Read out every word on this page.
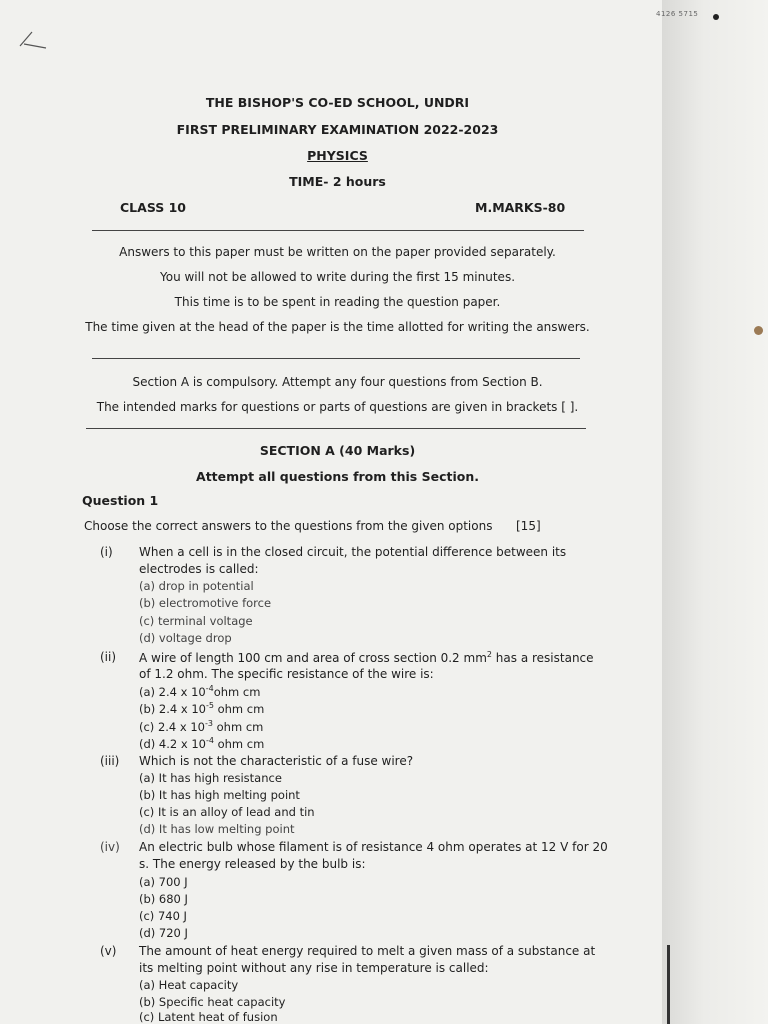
4126 5715
THE BISHOP'S CO-ED SCHOOL, UNDRI
FIRST PRELIMINARY EXAMINATION 2022-2023
PHYSICS
TIME- 2 hours
CLASS 10	M.MARKS-80
Answers to this paper must be written on the paper provided separately.
You will not be allowed to write during the first 15 minutes.
This time is to be spent in reading the question paper.
The time given at the head of the paper is the time allotted for writing the answers.
Section A is compulsory. Attempt any four questions from Section B.
The intended marks for questions or parts of questions are given in brackets [ ].
SECTION A (40 Marks)
Attempt all questions from this Section.
Question 1
Choose the correct answers to the questions from the given options [15]
(i) When a cell is in the closed circuit, the potential difference between its
electrodes is called:
(a) drop in potential
(b) electromotive force
(c) terminal voltage
(d) voltage drop
(ii) A wire of length 100 cm and area of cross section 0.2 $mm^2$ has a resistance
of 1.2 ohm. The specific resistance of the wire is:
(a) 2.4 x $10^{-4}ohm$ cm
(b) 2.4 x $10^{-5}$ ohm cm
(c) 2.4 x $10^{-3}$ ohm cm
(d) 4.2 x $10^{-4}$ ohm cm
(iii) Which is not the characteristic of a fuse wire?
(a) It has high resistance
(b) It has high melting point
(c) It is an alloy of lead and tin
(d) It has low melting point
(iv) An electric bulb whose filament is of resistance 4 ohm operates at 12 V for 20
s. The energy released by the bulb is:
(a) 700 J
(b) 680 J
(c) 740 J
(d) 720 J
(v) The amount of heat energy required to melt a given mass of a substance at
its melting point without any rise in temperature is called:
(a) Heat capacity
(b) Specific heat capacity
(c) Latent heat of fusion
